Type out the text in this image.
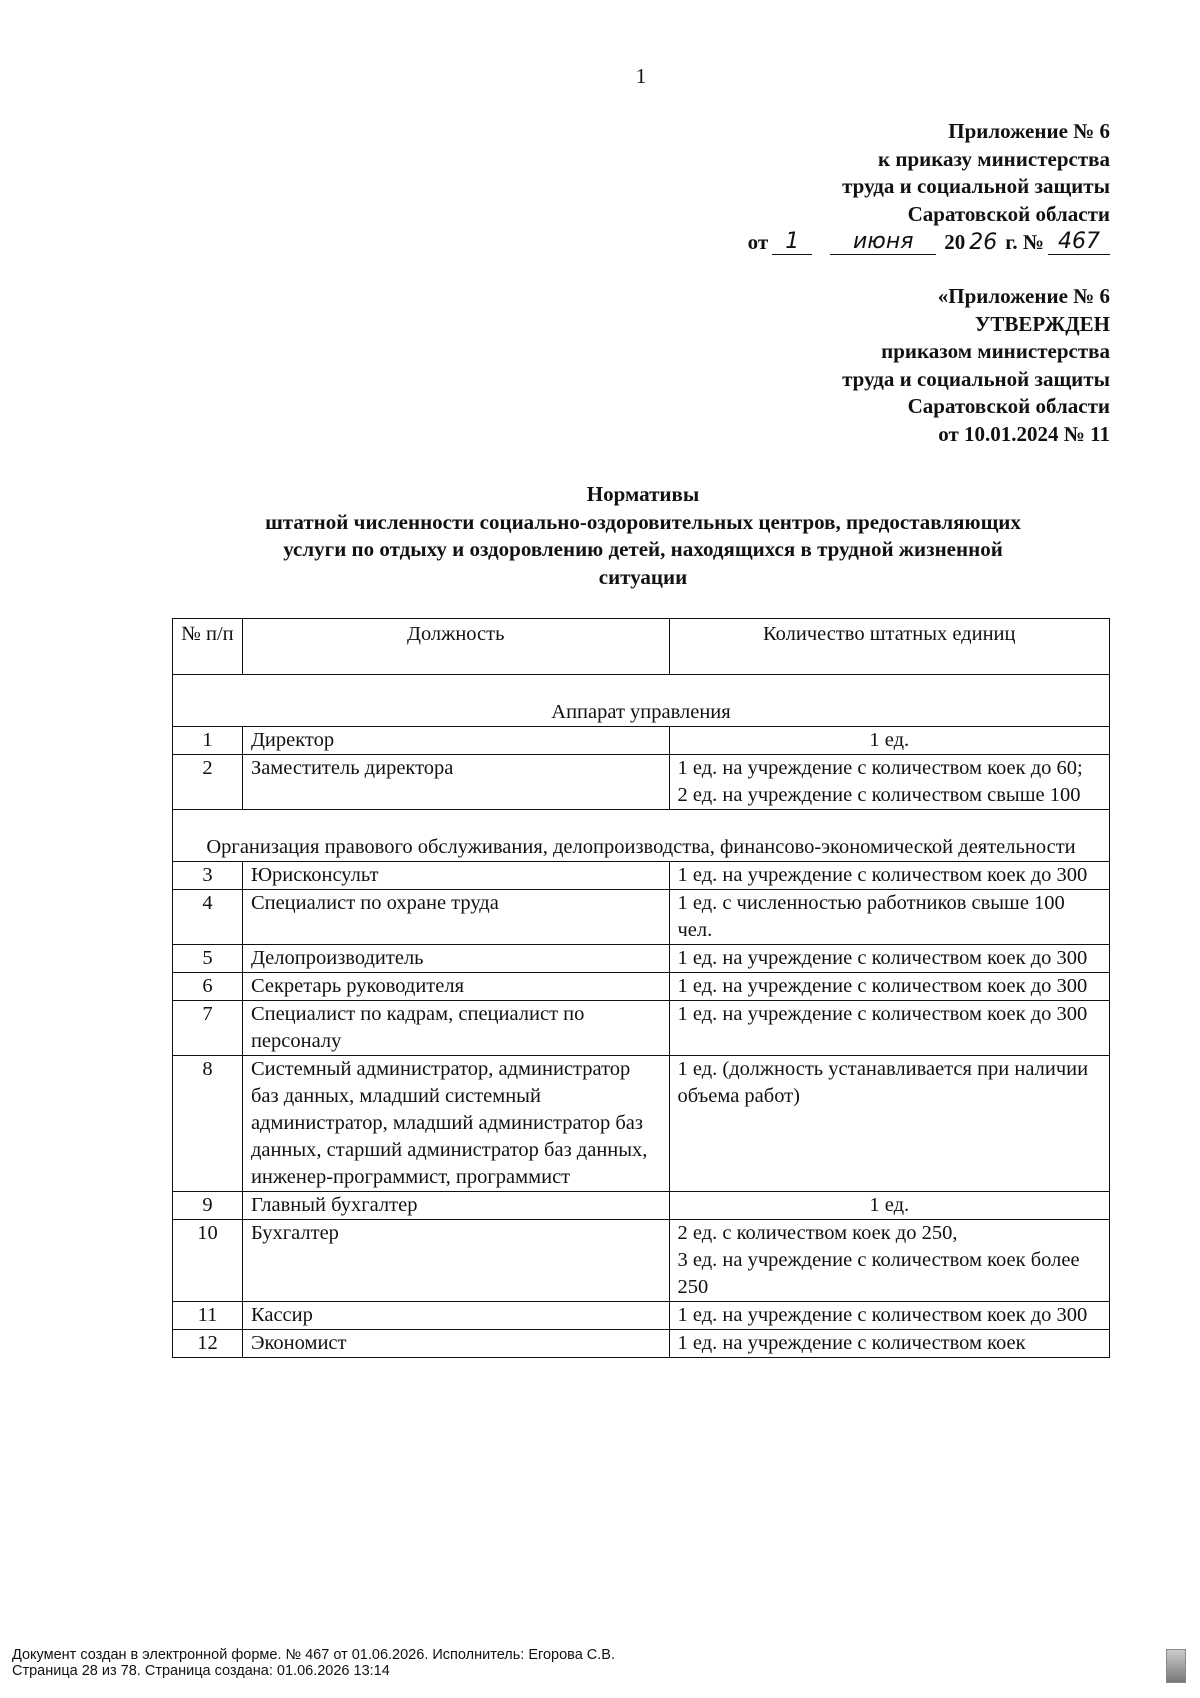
1
Приложение № 6
к приказу министерства
труда и социальной защиты
Саратовской области
от 1	июня	20 26 г. № 467
«Приложение № 6
УТВЕРЖДЕН
приказом министерства
труда и социальной защиты
Саратовской области
от 10.01.2024 № 11
Нормативы
штатной численности социально-оздоровительных центров, предоставляющих
услуги по отдыху и оздоровлению детей, находящихся в трудной жизненной
ситуации
№ п/п	Должность	Количество штатных единиц
Аппарат управления		
1	Директор	1 ед.
2	Заместитель директора	1 ед. на учреждение с количеством коек до 60;
2 ед. на учреждение с количеством свыше 100

Организация правового обслуживания, делопроизводства, финансово-экономической деятельности		
3	Юрисконсульт	1 ед. на учреждение с количеством коек до 300
4	Специалист по охране труда	1 ед. с численностью работников свыше 100 чел.
5	Делопроизводитель	1 ед. на учреждение с количеством коек до 300
6	Секретарь руководителя	1 ед. на учреждение с количеством коек до 300
7	Специалист по кадрам, специалист по персоналу	1 ед. на учреждение с количеством коек до 300
8	Системный администратор, администратор баз данных, младший системный администратор, младший администратор баз данных, старший администратор баз данных, инженер-программист, программист	1 ед. (должность устанавливается при наличии объема работ)
9	Главный бухгалтер	1 ед.
10	Бухгалтер	2 ед. с количеством коек до 250,
3 ед. на учреждение с количеством коек более 250

11	Кассир	1 ед. на учреждение с количеством коек до 300
12	Экономист	1 ед. на учреждение с количеством коек
Документ создан в электронной форме. № 467 от 01.06.2026. Исполнитель: Егорова С.В.
Страница 28 из 78. Страница создана: 01.06.2026 13:14
